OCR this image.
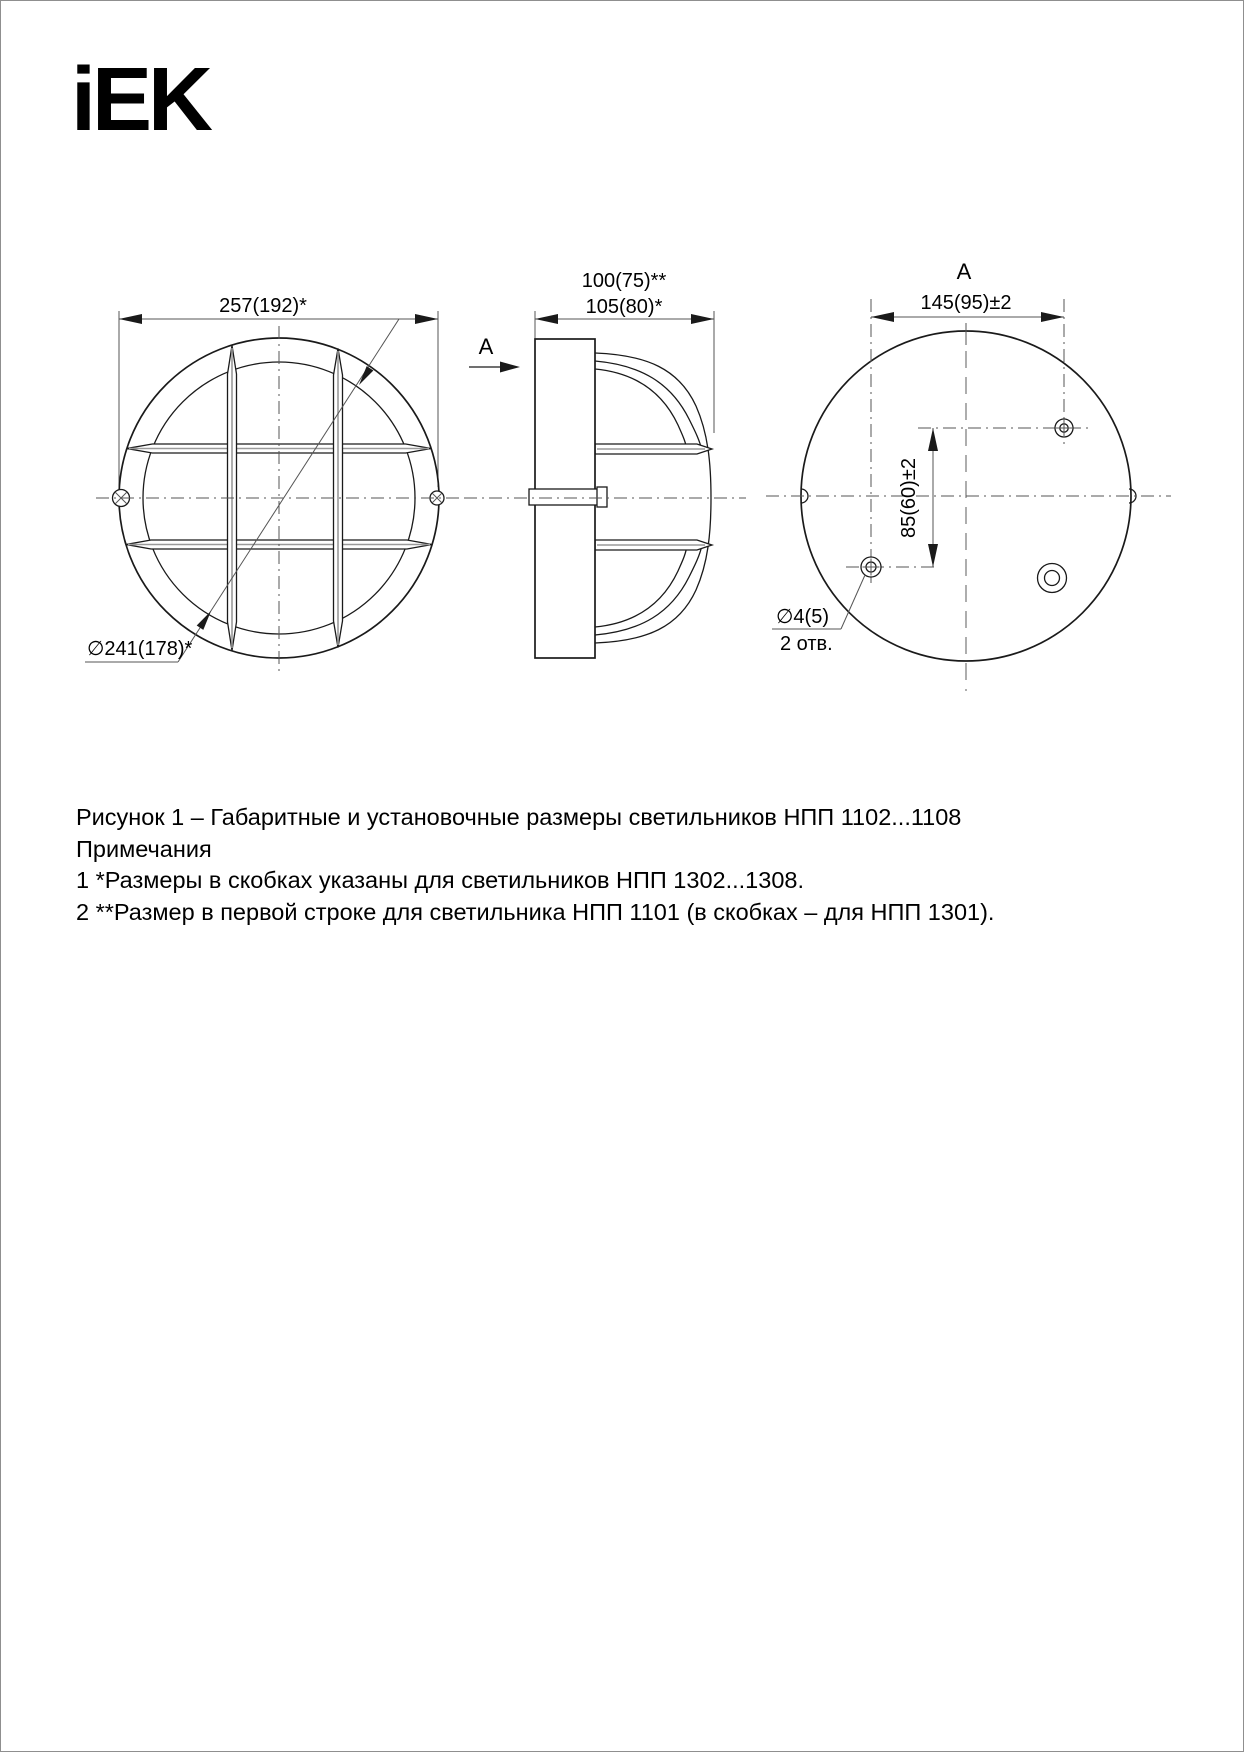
iEK
257(192)*
∅241(178)*
100(75)**
105(80)*
A
A
145(95)±2
85(60)±2
∅4(5)
2 отв.
Рисунок 1 – Габаритные и установочные размеры светильников НПП 1102...1108
Примечания
1 *Размеры в скобках указаны для светильников НПП 1302...1308.
2 **Размер в первой строке для светильника НПП 1101 (в скобках – для НПП 1301).
